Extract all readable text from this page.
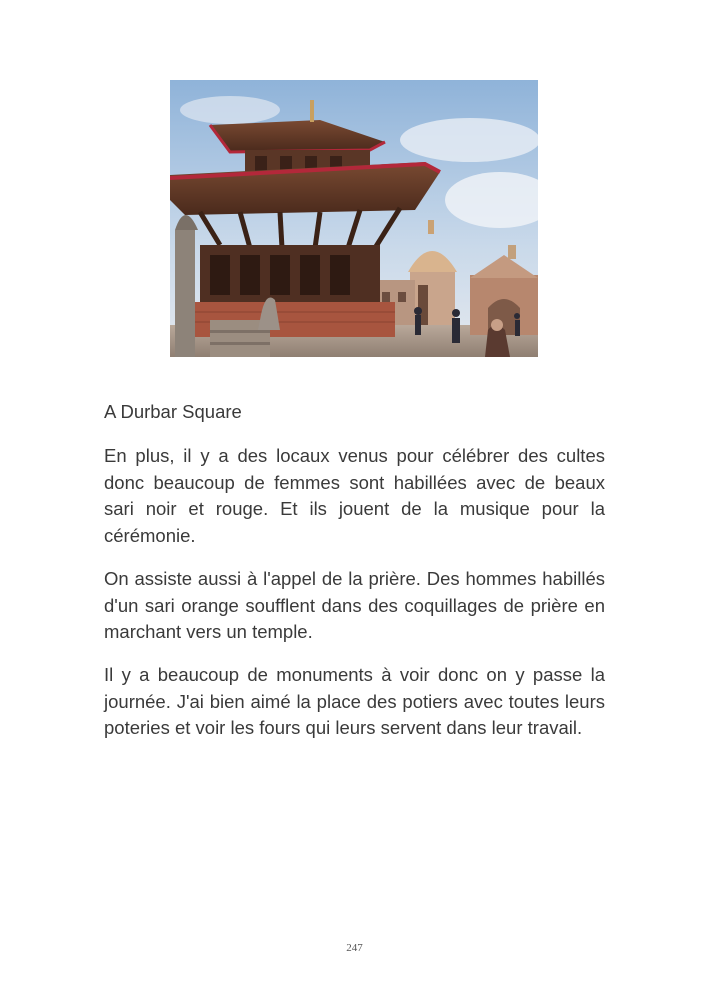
A Durbar Square

En plus, il y a des locaux venus pour célébrer des cultes donc beaucoup de femmes sont habillées avec de beaux sari noir et rouge. Et ils jouent de la musique pour la cérémonie.

On assiste aussi à l'appel de la prière. Des hommes habillés d'un sari orange soufflent dans des coquillages de prière en marchant vers un temple.

Il y a beaucoup de monuments à voir donc on y passe la journée. J'ai bien aimé la place des potiers avec toutes leurs poteries et voir les fours qui leurs servent dans leur travail.

247
